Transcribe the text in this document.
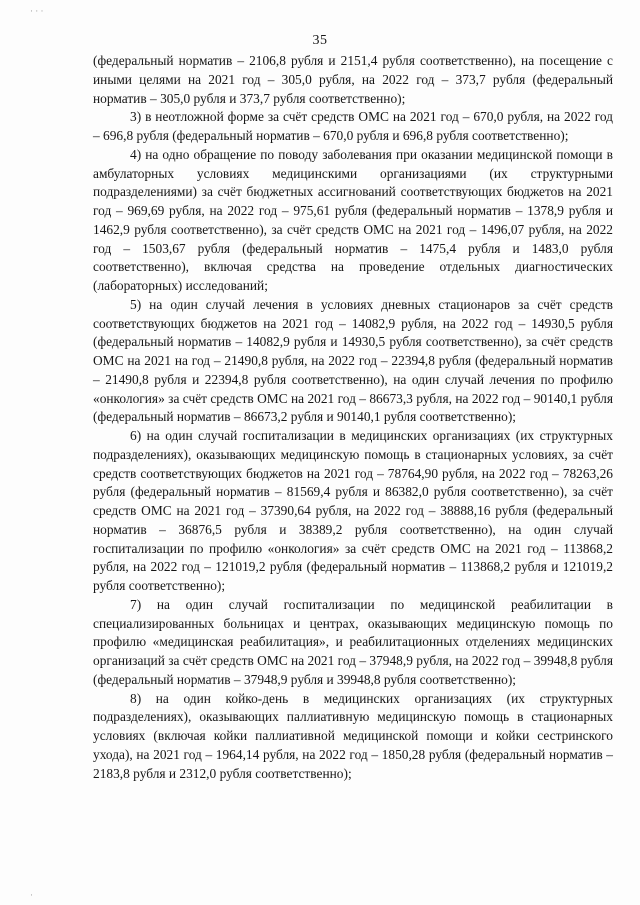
· · ·
35

(федеральный норматив – 2106,8 рубля и 2151,4 рубля соответственно), на посещение с иными целями на 2021 год – 305,0 рубля, на 2022 год – 373,7 рубля (федеральный норматив – 305,0 рубля и 373,7 рубля соответственно);

3) в неотложной форме за счёт средств ОМС на 2021 год – 670,0 рубля, на 2022 год – 696,8 рубля (федеральный норматив – 670,0 рубля и 696,8 рубля соответственно);

4) на одно обращение по поводу заболевания при оказании медицинской помощи в амбулаторных условиях медицинскими организациями (их структурными подразделениями) за счёт бюджетных ассигнований соответствующих бюджетов на 2021 год – 969,69 рубля, на 2022 год – 975,61 рубля (федеральный норматив – 1378,9 рубля и 1462,9 рубля соответственно), за счёт средств ОМС на 2021 год – 1496,07 рубля, на 2022 год – 1503,67 рубля (федеральный норматив – 1475,4 рубля и 1483,0 рубля соответственно), включая средства на проведение отдельных диагностических (лабораторных) исследований;

5) на один случай лечения в условиях дневных стационаров за счёт средств соответствующих бюджетов на 2021 год – 14082,9 рубля, на 2022 год – 14930,5 рубля (федеральный норматив – 14082,9 рубля и 14930,5 рубля соответственно), за счёт средств ОМС на 2021 на год – 21490,8 рубля, на 2022 год – 22394,8 рубля (федеральный норматив – 21490,8 рубля и 22394,8 рубля соответственно), на один случай лечения по профилю «онкология» за счёт средств ОМС на 2021 год – 86673,3 рубля, на 2022 год – 90140,1 рубля (федеральный норматив – 86673,2 рубля и 90140,1 рубля соответственно);

6) на один случай госпитализации в медицинских организациях (их структурных подразделениях), оказывающих медицинскую помощь в стационарных условиях, за счёт средств соответствующих бюджетов на 2021 год – 78764,90 рубля, на 2022 год – 78263,26 рубля (федеральный норматив – 81569,4 рубля и 86382,0 рубля соответственно), за счёт средств ОМС на 2021 год – 37390,64 рубля, на 2022 год – 38888,16 рубля (федеральный норматив – 36876,5 рубля и 38389,2 рубля соответственно), на один случай госпитализации по профилю «онкология» за счёт средств ОМС на 2021 год – 113868,2 рубля, на 2022 год – 121019,2 рубля (федеральный норматив – 113868,2 рубля и 121019,2 рубля соответственно);

7) на один случай госпитализации по медицинской реабилитации в специализированных больницах и центрах, оказывающих медицинскую помощь по профилю «медицинская реабилитация», и реабилитационных отделениях медицинских организаций за счёт средств ОМС на 2021 год – 37948,9 рубля, на 2022 год – 39948,8 рубля (федеральный норматив – 37948,9 рубля и 39948,8 рубля соответственно);

8) на один койко-день в медицинских организациях (их структурных подразделениях), оказывающих паллиативную медицинскую помощь в стационарных условиях (включая койки паллиативной медицинской помощи и койки сестринского ухода), на 2021 год – 1964,14 рубля, на 2022 год – 1850,28 рубля (федеральный норматив – 2183,8 рубля и 2312,0 рубля соответственно);

·
